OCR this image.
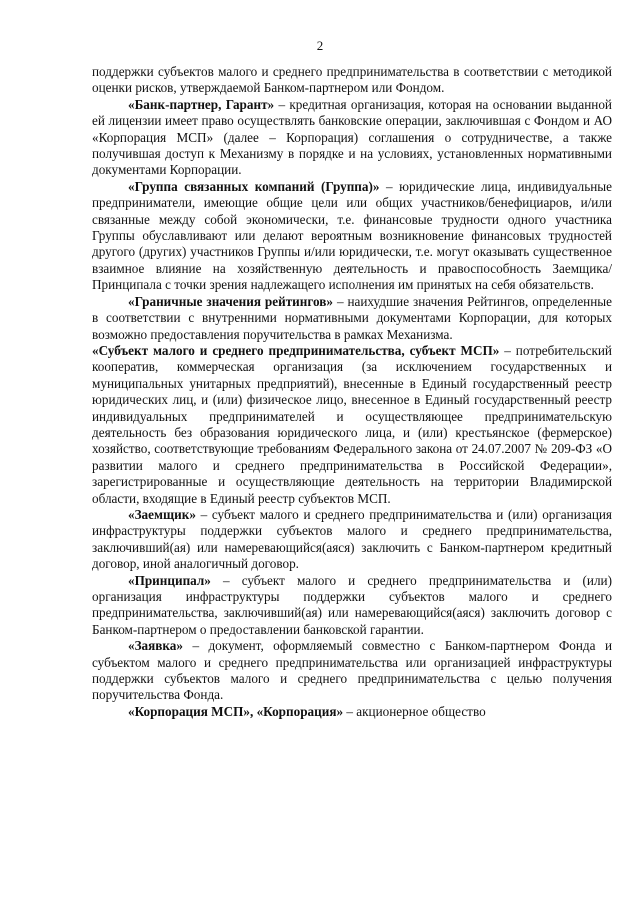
2

поддержки субъектов малого и среднего предпринимательства в соответствии с методикой оценки рисков, утверждаемой Банком-партнером или Фондом.

«Банк-партнер, Гарант» – кредитная организация, которая на основании выданной ей лицензии имеет право осуществлять банковские операции, заключившая с Фондом и АО «Корпорация МСП» (далее – Корпорация) соглашения о сотрудничестве, а также получившая доступ к Механизму в порядке и на условиях, установленных нормативными документами Корпорации.

«Группа связанных компаний (Группа)» – юридические лица, индивидуальные предприниматели, имеющие общие цели или общих участников/бенефициаров, и/или связанные между собой экономически, т.е. финансовые трудности одного участника Группы обуславливают или делают вероятным возникновение финансовых трудностей другого (других) участников Группы и/или юридически, т.е. могут оказывать существенное взаимное влияние на хозяйственную деятельность и правоспособность Заемщика/Принципала с точки зрения надлежащего исполнения им принятых на себя обязательств.

«Граничные значения рейтингов» – наихудшие значения Рейтингов, определенные в соответствии с внутренними нормативными документами Корпорации, для которых возможно предоставления поручительства в рамках Механизма.

«Субъект малого и среднего предпринимательства, субъект МСП» – потребительский кооператив, коммерческая организация (за исключением государственных и муниципальных унитарных предприятий), внесенные в Единый государственный реестр юридических лиц, и (или) физическое лицо, внесенное в Единый государственный реестр индивидуальных предпринимателей и осуществляющее предпринимательскую деятельность без образования юридического лица, и (или) крестьянское (фермерское) хозяйство, соответствующие требованиям Федерального закона от 24.07.2007 № 209-ФЗ «О развитии малого и среднего предпринимательства в Российской Федерации», зарегистрированные и осуществляющие деятельность на территории Владимирской области, входящие в Единый реестр субъектов МСП.

«Заемщик» – субъект малого и среднего предпринимательства и (или) организация инфраструктуры поддержки субъектов малого и среднего предпринимательства, заключивший(ая) или намеревающийся(аяся) заключить с Банком-партнером кредитный договор, иной аналогичный договор.

«Принципал» – субъект малого и среднего предпринимательства и (или) организация инфраструктуры поддержки субъектов малого и среднего предпринимательства, заключивший(ая) или намеревающийся(аяся) заключить договор с Банком-партнером о предоставлении банковской гарантии.

«Заявка» – документ, оформляемый совместно с Банком-партнером Фонда и субъектом малого и среднего предпринимательства или организацией инфраструктуры поддержки субъектов малого и среднего предпринимательства с целью получения поручительства Фонда.

«Корпорация МСП», «Корпорация» – акционерное общество
